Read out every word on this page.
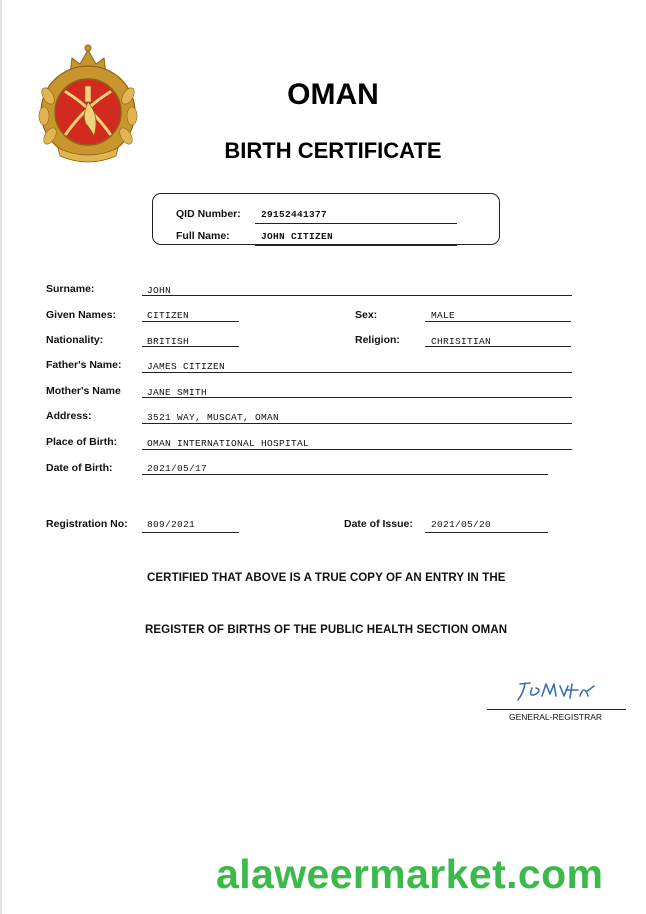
OMAN
BIRTH CERTIFICATE
QID Number: 29152441377
Full Name:	JOHN CITIZEN
Surname:	JOHN
Given Names:	CITIZEN	Sex:	MALE
Nationality:	BRITISH	Religion:	CHRISITIAN
Father's Name:	JAMES CITIZEN
Mother's Name	JANE SMITH
Address:	3521 WAY, MUSCAT, OMAN
Place of Birth:	OMAN INTERNATIONAL HOSPITAL
Date of Birth:	2021/05/17
Registration No: 809/2021	Date of Issue: 2021/05/20
CERTIFIED THAT ABOVE IS A TRUE COPY OF AN ENTRY IN THE
REGISTER OF BIRTHS OF THE PUBLIC HEALTH SECTION OMAN
GENERAL-REGISTRAR
alaweermarket.com
